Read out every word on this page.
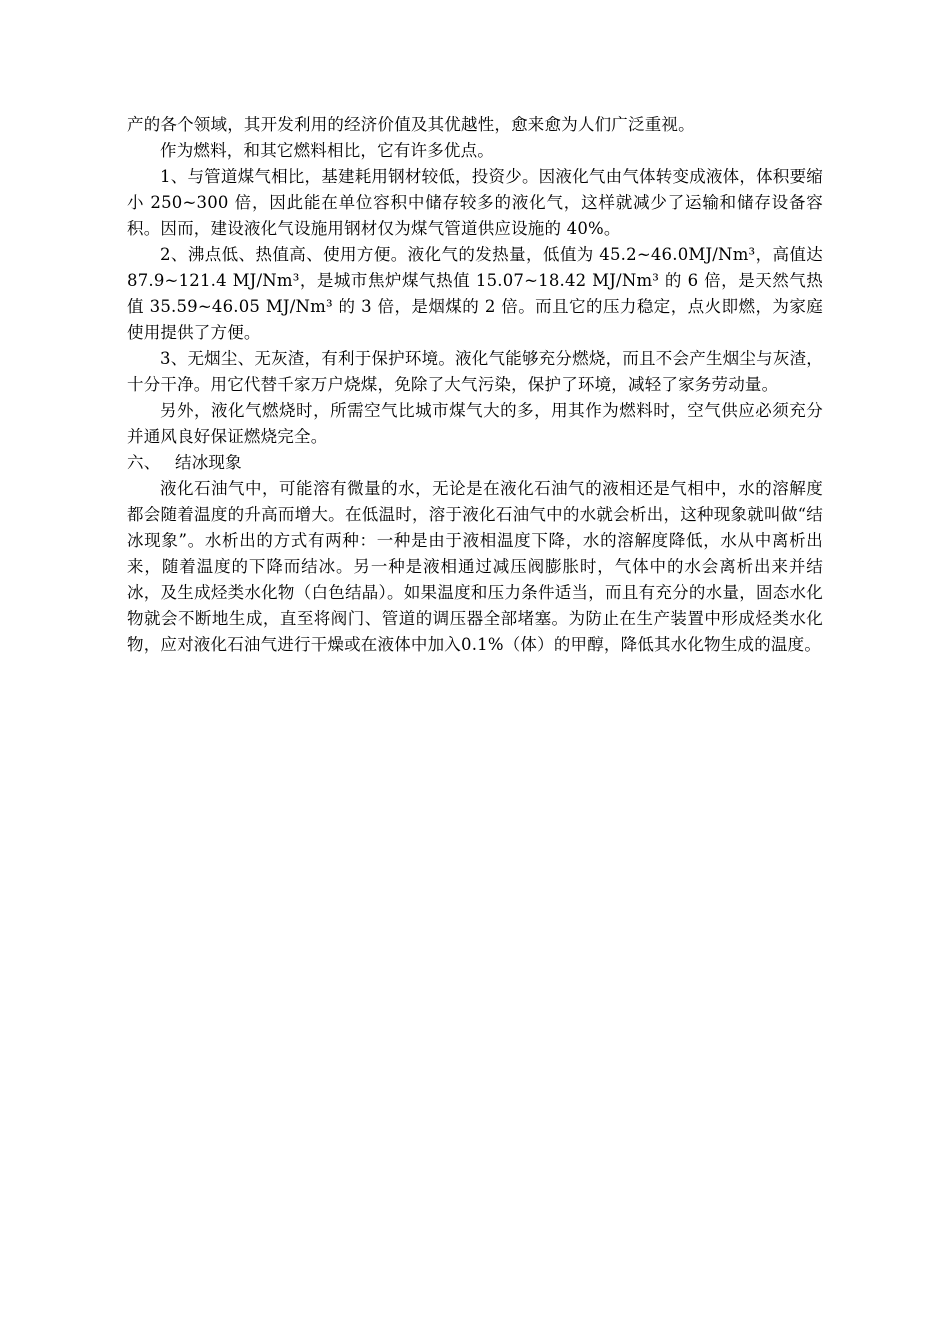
产的各个领域，其开发利用的经济价值及其优越性，愈来愈为人们广泛重视。

作为燃料，和其它燃料相比，它有许多优点。

1、与管道煤气相比，基建耗用钢材较低，投资少。因液化气由气体转变成液体，体积要缩小 250~300 倍，因此能在单位容积中储存较多的液化气，这样就减少了运输和储存设备容积。因而，建设液化气设施用钢材仅为煤气管道供应设施的 40%。

2、沸点低、热值高、使用方便。液化气的发热量，低值为 45.2~46.0MJ/Nm³，高值达 87.9~121.4 MJ/Nm³，是城市焦炉煤气热值 15.07~18.42 MJ/Nm³ 的 6 倍，是天然气热值 35.59~46.05 MJ/Nm³ 的 3 倍，是烟煤的 2 倍。而且它的压力稳定，点火即燃，为家庭使用提供了方便。

3、无烟尘、无灰渣，有利于保护环境。液化气能够充分燃烧，而且不会产生烟尘与灰渣，十分干净。用它代替千家万户烧煤，免除了大气污染，保护了环境，减轻了家务劳动量。

另外，液化气燃烧时，所需空气比城市煤气大的多，用其作为燃料时，空气供应必须充分并通风良好保证燃烧完全。

六、 结冰现象

液化石油气中，可能溶有微量的水，无论是在液化石油气的液相还是气相中，水的溶解度都会随着温度的升高而增大。在低温时，溶于液化石油气中的水就会析出，这种现象就叫做“结冰现象”。水析出的方式有两种：一种是由于液相温度下降，水的溶解度降低，水从中离析出来，随着温度的下降而结冰。另一种是液相通过减压阀膨胀时，气体中的水会离析出来并结冰，及生成烃类水化物（白色结晶）。如果温度和压力条件适当，而且有充分的水量，固态水化物就会不断地生成，直至将阀门、管道的调压器全部堵塞。为防止在生产装置中形成烃类水化物，应对液化石油气进行干燥或在液体中加入0.1%（体）的甲醇，降低其水化物生成的温度。
